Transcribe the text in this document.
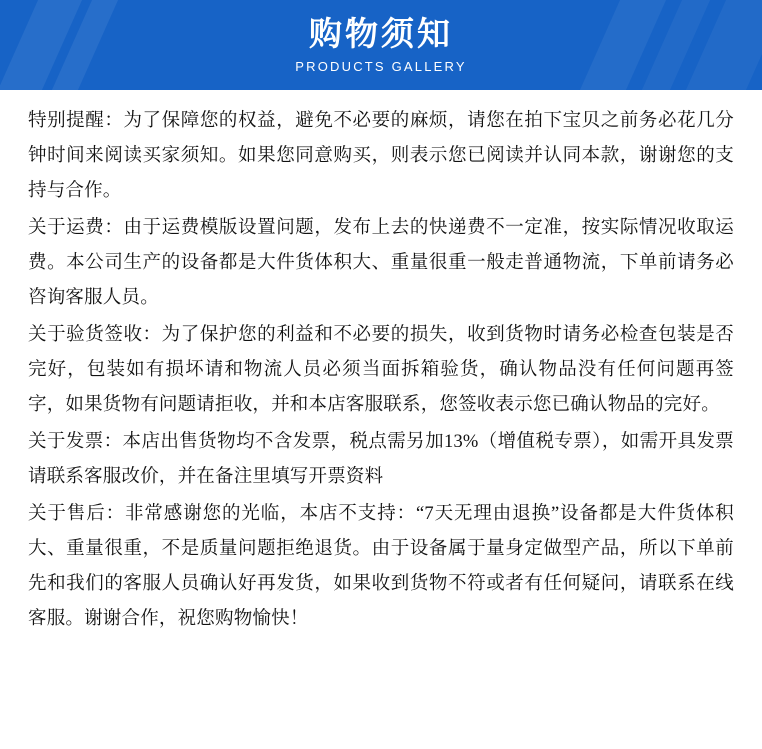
购物须知
PRODUCTS GALLERY

特别提醒：为了保障您的权益，避免不必要的麻烦，请您在拍下宝贝之前务必花几分钟时间来阅读买家须知。如果您同意购买，则表示您已阅读并认同本款，谢谢您的支持与合作。

关于运费：由于运费模版设置问题，发布上去的快递费不一定准，按实际情况收取运费。本公司生产的设备都是大件货体积大、重量很重一般走普通物流，下单前请务必咨询客服人员。

关于验货签收：为了保护您的利益和不必要的损失，收到货物时请务必检查包装是否完好，包装如有损坏请和物流人员必须当面拆箱验货，确认物品没有任何问题再签字，如果货物有问题请拒收，并和本店客服联系，您签收表示您已确认物品的完好。

关于发票：本店出售货物均不含发票，税点需另加13%（增值税专票），如需开具发票请联系客服改价，并在备注里填写开票资料

关于售后：非常感谢您的光临，本店不支持：“7天无理由退换”设备都是大件货体积大、重量很重，不是质量问题拒绝退货。由于设备属于量身定做型产品，所以下单前先和我们的客服人员确认好再发货，如果收到货物不符或者有任何疑问，请联系在线客服。谢谢合作，祝您购物愉快！
